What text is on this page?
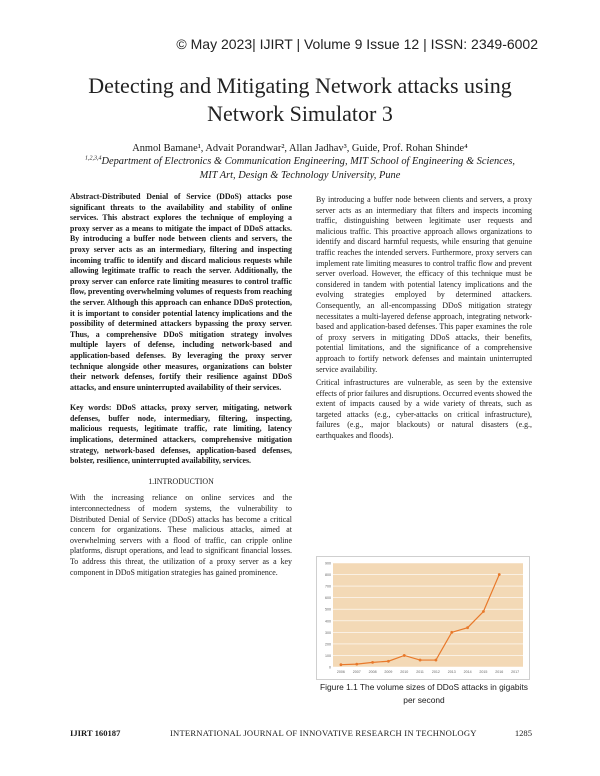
© May 2023| IJIRT | Volume 9 Issue 12 | ISSN: 2349-6002
Detecting and Mitigating Network attacks using Network Simulator 3
Anmol Bamane¹, Advait Porandwar², Allan Jadhav³, Guide, Prof. Rohan Shinde⁴
$^{1,2,3,4}$Department of Electronics & Communication Engineering, MIT School of Engineering & Sciences,
MIT Art, Design & Technology University, Pune

Abstract-Distributed Denial of Service (DDoS) attacks pose significant threats to the availability and stability of online services. This abstract explores the technique of employing a proxy server as a means to mitigate the impact of DDoS attacks. By introducing a buffer node between clients and servers, the proxy server acts as an intermediary, filtering and inspecting incoming traffic to identify and discard malicious requests while allowing legitimate traffic to reach the server. Additionally, the proxy server can enforce rate limiting measures to control traffic flow, preventing overwhelming volumes of requests from reaching the server. Although this approach can enhance DDoS protection, it is important to consider potential latency implications and the possibility of determined attackers bypassing the proxy server. Thus, a comprehensive DDoS mitigation strategy involves multiple layers of defense, including network-based and application-based defenses. By leveraging the proxy server technique alongside other measures, organizations can bolster their network defenses, fortify their resilience against DDoS attacks, and ensure uninterrupted availability of their services.

Key words: DDoS attacks, proxy server, mitigating, network defenses, buffer node, intermediary, filtering, inspecting, malicious requests, legitimate traffic, rate limiting, latency implications, determined attackers, comprehensive mitigation strategy, network-based defenses, application-based defenses, bolster, resilience, uninterrupted availability, services.

1.INTRODUCTION

With the increasing reliance on online services and the interconnectedness of modern systems, the vulnerability to Distributed Denial of Service (DDoS) attacks has become a critical concern for organizations. These malicious attacks, aimed at overwhelming servers with a flood of traffic, can cripple online platforms, disrupt operations, and lead to significant financial losses. To address this threat, the utilization of a proxy server as a key component in DDoS mitigation strategies has gained prominence.

By introducing a buffer node between clients and servers, a proxy server acts as an intermediary that filters and inspects incoming traffic, distinguishing between legitimate user requests and malicious traffic. This proactive approach allows organizations to identify and discard harmful requests, while ensuring that genuine traffic reaches the intended servers. Furthermore, proxy servers can implement rate limiting measures to control traffic flow and prevent server overload. However, the efficacy of this technique must be considered in tandem with potential latency implications and the evolving strategies employed by determined attackers. Consequently, an all-encompassing DDoS mitigation strategy necessitates a multi-layered defense approach, integrating network-based and application-based defenses. This paper examines the role of proxy servers in mitigating DDoS attacks, their benefits, potential limitations, and the significance of a comprehensive approach to fortify network defenses and maintain uninterrupted service availability.

Critical infrastructures are vulnerable, as seen by the extensive effects of prior failures and disruptions. Occurred events showed the extent of impacts caused by a wide variety of threats, such as targeted attacks (e.g., cyber-attacks on critical infrastructure), failures (e.g., major blackouts) or natural disasters (e.g., earthquakes and floods).

0
100
200
300
400
500
600
700
800
900
2006 2007 2008 2009 2010 2011 2012 2013 2014 2015 2016 2017
Figure 1.1 The volume sizes of DDoS attacks in gigabits per second
IJIRT 160187	INTERNATIONAL JOURNAL OF INNOVATIVE RESEARCH IN TECHNOLOGY	1285
